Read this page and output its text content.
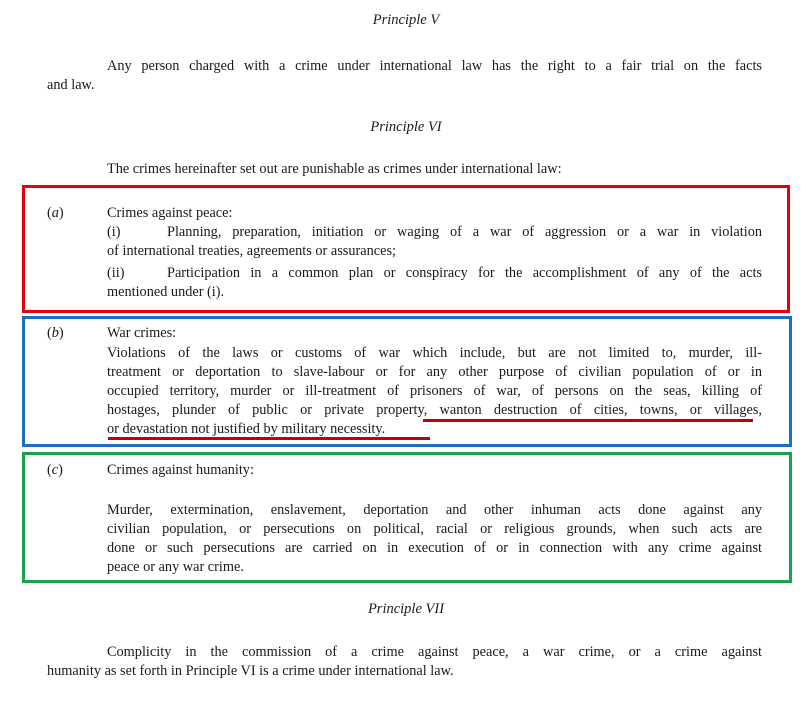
Principle V
Any person charged with a crime under international law has the right to a fair trial on the facts
and law.
Principle VI
The crimes hereinafter set out are punishable as crimes under international law:
(a)	Crimes against peace:
(i)	Planning, preparation, initiation or waging of a war of aggression or a war in violation
of international treaties, agreements or assurances;
(ii)	Participation in a common plan or conspiracy for the accomplishment of any of the acts
mentioned under (i).
(b)	War crimes:
Violations of the laws or customs of war which include, but are not limited to, murder, ill-
treatment or deportation to slave-labour or for any other purpose of civilian population of or in
occupied territory, murder or ill-treatment of prisoners of war, of persons on the seas, killing of
hostages, plunder of public or private property, wanton destruction of cities, towns, or villages,
or devastation not justified by military necessity.
(c)	Crimes against humanity:
Murder, extermination, enslavement, deportation and other inhuman acts done against any
civilian population, or persecutions on political, racial or religious grounds, when such acts are
done or such persecutions are carried on in execution of or in connection with any crime against
peace or any war crime.
Principle VII
Complicity in the commission of a crime against peace, a war crime, or a crime against
humanity as set forth in Principle VI is a crime under international law.
